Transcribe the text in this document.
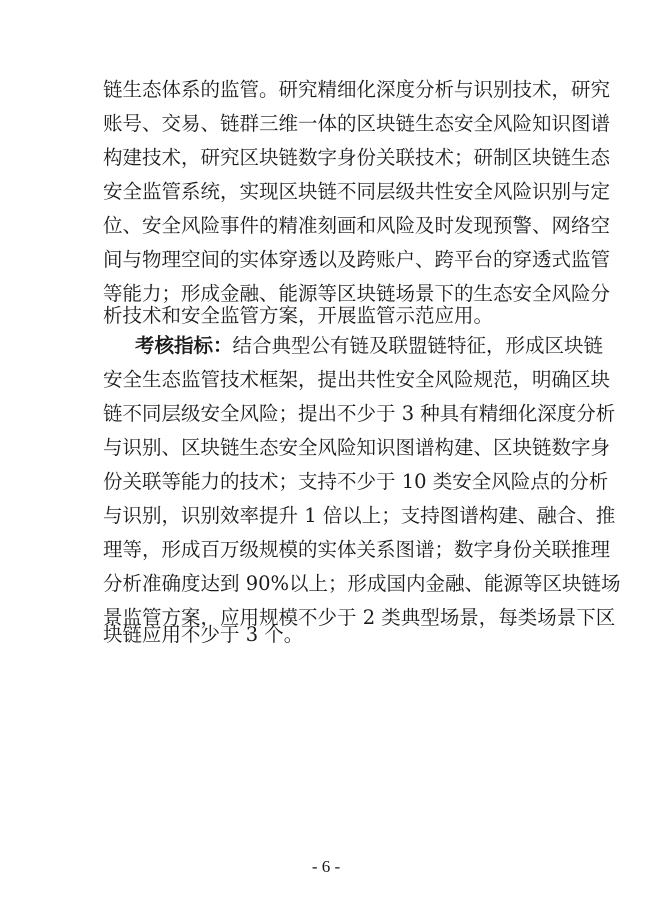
链生态体系的监管。研究精细化深度分析与识别技术，研究
账号、交易、链群三维一体的区块链生态安全风险知识图谱
构建技术，研究区块链数字身份关联技术；研制区块链生态
安全监管系统，实现区块链不同层级共性安全风险识别与定
位、安全风险事件的精准刻画和风险及时发现预警、网络空
间与物理空间的实体穿透以及跨账户、跨平台的穿透式监管
等能力；形成金融、能源等区块链场景下的生态安全风险分
析技术和安全监管方案，开展监管示范应用。
考核指标：结合典型公有链及联盟链特征，形成区块链
安全生态监管技术框架，提出共性安全风险规范，明确区块
链不同层级安全风险；提出不少于 3 种具有精细化深度分析
与识别、区块链生态安全风险知识图谱构建、区块链数字身
份关联等能力的技术；支持不少于 10 类安全风险点的分析
与识别，识别效率提升 1 倍以上；支持图谱构建、融合、推
理等，形成百万级规模的实体关系图谱；数字身份关联推理
分析准确度达到 90%以上；形成国内金融、能源等区块链场
景监管方案，应用规模不少于 2 类典型场景，每类场景下区
块链应用不少于 3 个。
- 6 -
